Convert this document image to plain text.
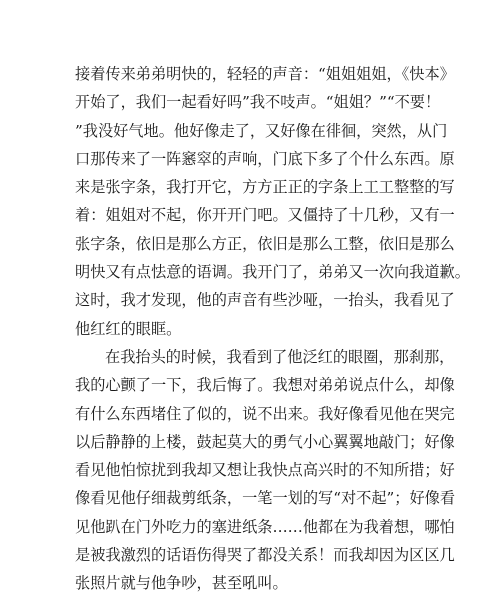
接着传来弟弟明快的，轻轻的声音：“姐姐姐姐，《快本》
开始了，我们一起看好吗”我不吱声。“姐姐？”“不要！
”我没好气地。他好像走了，又好像在徘徊，突然，从门
口那传来了一阵窸窣的声响，门底下多了个什么东西。原
来是张字条，我打开它，方方正正的字条上工工整整的写
着：姐姐对不起，你开开门吧。又僵持了十几秒，又有一
张字条，依旧是那么方正，依旧是那么工整，依旧是那么
明快又有点怯意的语调。我开门了，弟弟又一次向我道歉。
这时，我才发现，他的声音有些沙哑，一抬头，我看见了
他红红的眼眶。
在我抬头的时候，我看到了他泛红的眼圈，那刹那，
我的心颤了一下，我后悔了。我想对弟弟说点什么，却像
有什么东西堵住了似的，说不出来。我好像看见他在哭完
以后静静的上楼，鼓起莫大的勇气小心翼翼地敲门；好像
看见他怕惊扰到我却又想让我快点高兴时的不知所措；好
像看见他仔细裁剪纸条，一笔一划的写“对不起”；好像看
见他趴在门外吃力的塞进纸条……他都在为我着想，哪怕
是被我激烈的话语伤得哭了都没关系！而我却因为区区几
张照片就与他争吵，甚至吼叫。
